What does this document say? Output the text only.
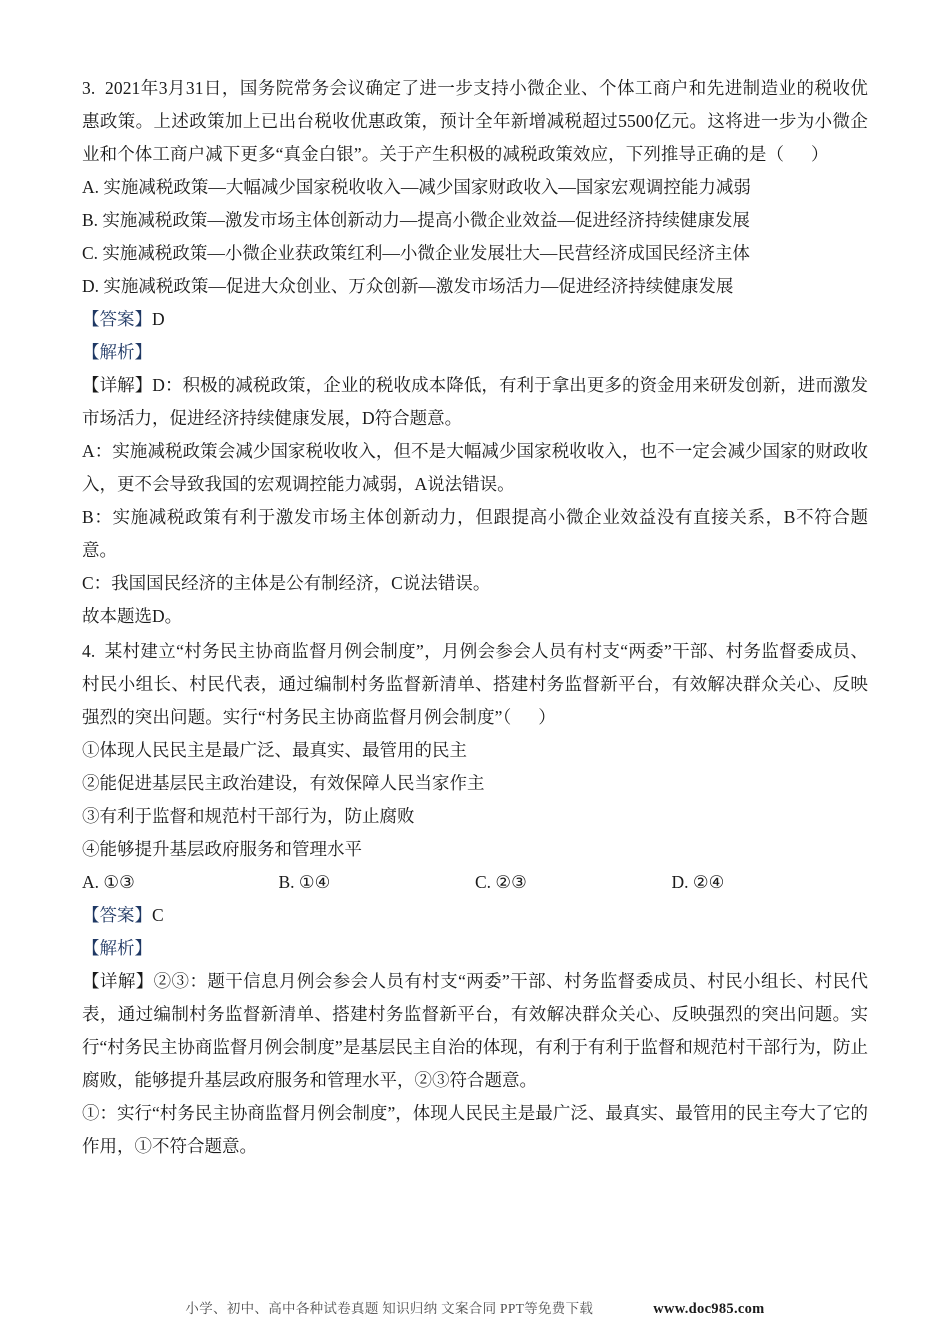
3.  2021年3月31日，国务院常务会议确定了进一步支持小微企业、个体工商户和先进制造业的税收优惠政策。上述政策加上已出台税收优惠政策，预计全年新增减税超过5500亿元。这将进一步为小微企业和个体工商户减下更多“真金白银”。关于产生积极的减税政策效应，下列推导正确的是（      ）
A. 实施减税政策—大幅减少国家税收收入—减少国家财政收入—国家宏观调控能力减弱
B. 实施减税政策—激发市场主体创新动力—提高小微企业效益—促进经济持续健康发展
C. 实施减税政策—小微企业获政策红利—小微企业发展壮大—民营经济成国民经济主体
D. 实施减税政策—促进大众创业、万众创新—激发市场活力—促进经济持续健康发展
【答案】D
【解析】
【详解】D：积极的减税政策，企业的税收成本降低，有利于拿出更多的资金用来研发创新，进而激发市场活力，促进经济持续健康发展，D符合题意。
A：实施减税政策会减少国家税收收入，但不是大幅减少国家税收收入，也不一定会减少国家的财政收入，更不会导致我国的宏观调控能力减弱，A说法错误。
B：实施减税政策有利于激发市场主体创新动力，但跟提高小微企业效益没有直接关系，B不符合题意。
C：我国国民经济的主体是公有制经济，C说法错误。
故本题选D。
4.  某村建立“村务民主协商监督月例会制度”，月例会参会人员有村支“两委”干部、村务监督委成员、村民小组长、村民代表，通过编制村务监督新清单、搭建村务监督新平台，有效解决群众关心、反映强烈的突出问题。实行“村务民主协商监督月例会制度”（      ）
①体现人民民主是最广泛、最真实、最管用的民主
②能促进基层民主政治建设，有效保障人民当家作主
③有利于监督和规范村干部行为，防止腐败
④能够提升基层政府服务和管理水平
A. ①③	B. ①④	C. ②③	D. ②④
【答案】C
【解析】
【详解】②③：题干信息月例会参会人员有村支“两委”干部、村务监督委成员、村民小组长、村民代表，通过编制村务监督新清单、搭建村务监督新平台，有效解决群众关心、反映强烈的突出问题。实行“村务民主协商监督月例会制度”是基层民主自治的体现，有利于有利于监督和规范村干部行为，防止腐败，能够提升基层政府服务和管理水平，②③符合题意。
①：实行“村务民主协商监督月例会制度”，体现人民民主是最广泛、最真实、最管用的民主夸大了它的作用，①不符合题意。
小学、初中、高中各种试卷真题 知识归纳 文案合同 PPT等免费下载	www.doc985.com
